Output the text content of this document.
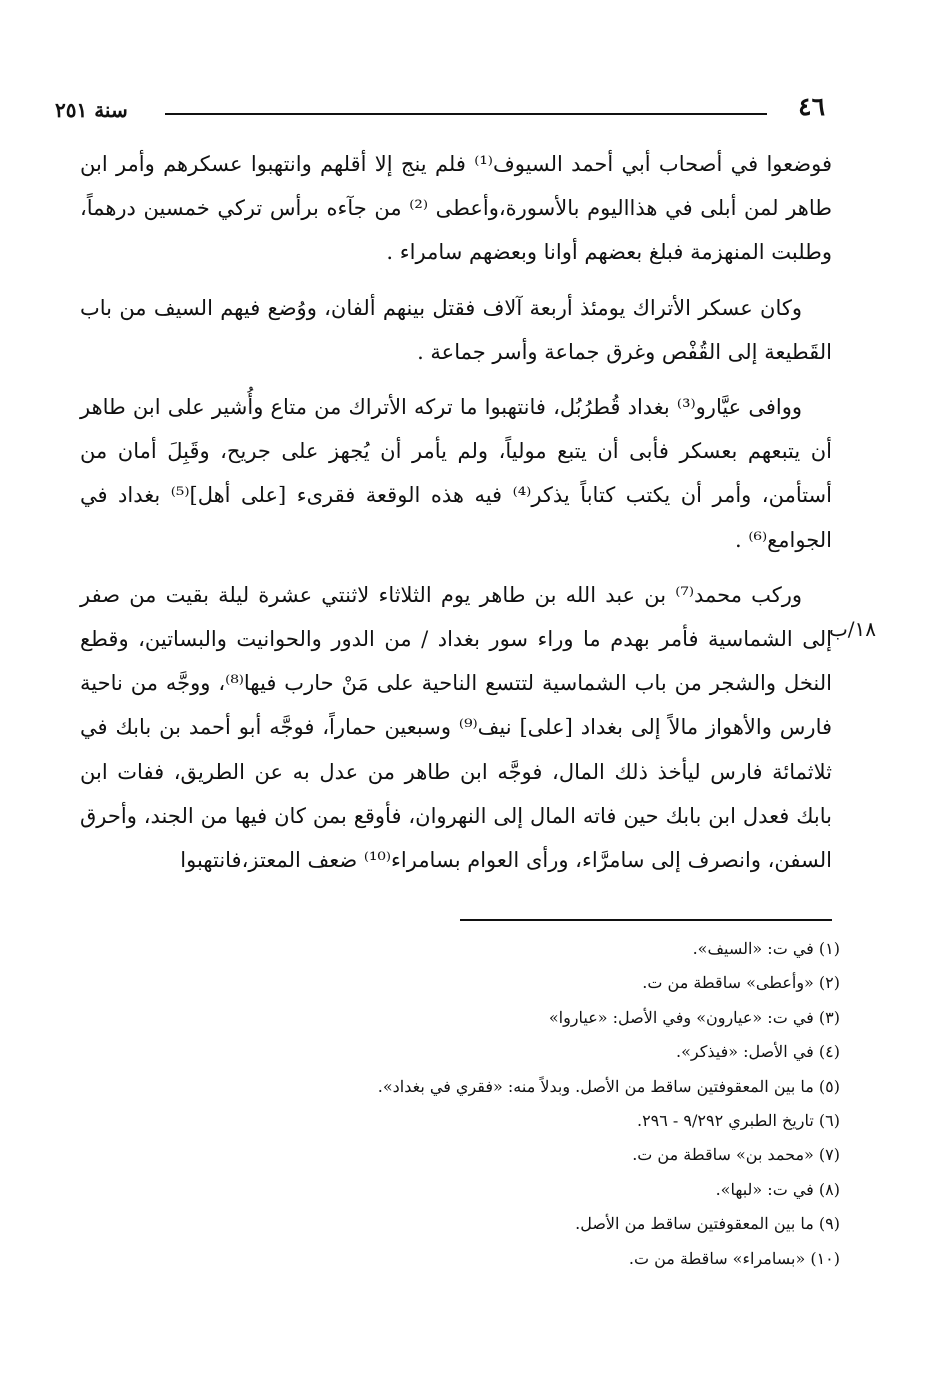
٤٦
سنة ٢٥١

فوضعوا في أصحاب أبي أحمد السيوف⁽¹⁾ فلم ينج إلا أقلهم وانتهبوا عسكرهم وأمر ابن طاهر لمن أبلى في هذااليوم بالأسورة،وأعطى ⁽²⁾ من جآءه برأس تركي خمسين درهماً، وطلبت المنهزمة فبلغ بعضهم أوانا وبعضهم سامراء .

وكان عسكر الأتراك يومئذ أربعة آلاف فقتل بينهم ألفان، ووُضع فيهم السيف من باب القَطيعة إلى القُفْص وغرق جماعة وأسر جماعة .

ووافى عيَّارو⁽³⁾ بغداد قُطرُبُل، فانتهبوا ما تركه الأتراك من متاع وأُشير على ابن طاهر أن يتبعهم بعسكر فأبى أن يتبع مولياً، ولم يأمر أن يُجهز على جريح، وقَبِلَ أمان من أستأمن، وأمر أن يكتب كتاباً يذكر⁽⁴⁾ فيه هذه الوقعة فقرىء [على أهل]⁽⁵⁾ بغداد في الجوامع⁽⁶⁾ .

١٨/ب

وركب محمد⁽⁷⁾ بن عبد الله بن طاهر يوم الثلاثاء لاثنتي عشرة ليلة بقيت من صفر إلى الشماسية فأمر بهدم ما وراء سور بغداد / من الدور والحوانيت والبساتين، وقطع النخل والشجر من باب الشماسية لتتسع الناحية على مَنْ حارب فيها⁽⁸⁾، ووجَّه من ناحية فارس والأهواز مالاً إلى بغداد [على] نيف⁽⁹⁾ وسبعين حماراً، فوجَّه أبو أحمد بن بابك في ثلاثمائة فارس ليأخذ ذلك المال، فوجَّه ابن طاهر من عدل به عن الطريق، ففات ابن بابك فعدل ابن بابك حين فاته المال إلى النهروان، فأوقع بمن كان فيها من الجند، وأحرق السفن، وانصرف إلى سامرَّاء، ورأى العوام بسامراء⁽¹⁰⁾ ضعف المعتز،فانتهبوا

(١) في ت: «السيف».
(٢) «وأعطى» ساقطة من ت.
(٣) في ت: «عيارون» وفي الأصل: «عياروا»
(٤) في الأصل: «فيذكر».
(٥) ما بين المعقوفتين ساقط من الأصل. وبدلاً منه: «فقري في بغداد».
(٦) تاريخ الطبري ٩/٢٩٢ - ٢٩٦.
(٧) «محمد بن» ساقطة من ت.
(٨) في ت: «لبها».
(٩) ما بين المعقوفتين ساقط من الأصل.
(١٠) «بسامراء» ساقطة من ت.
